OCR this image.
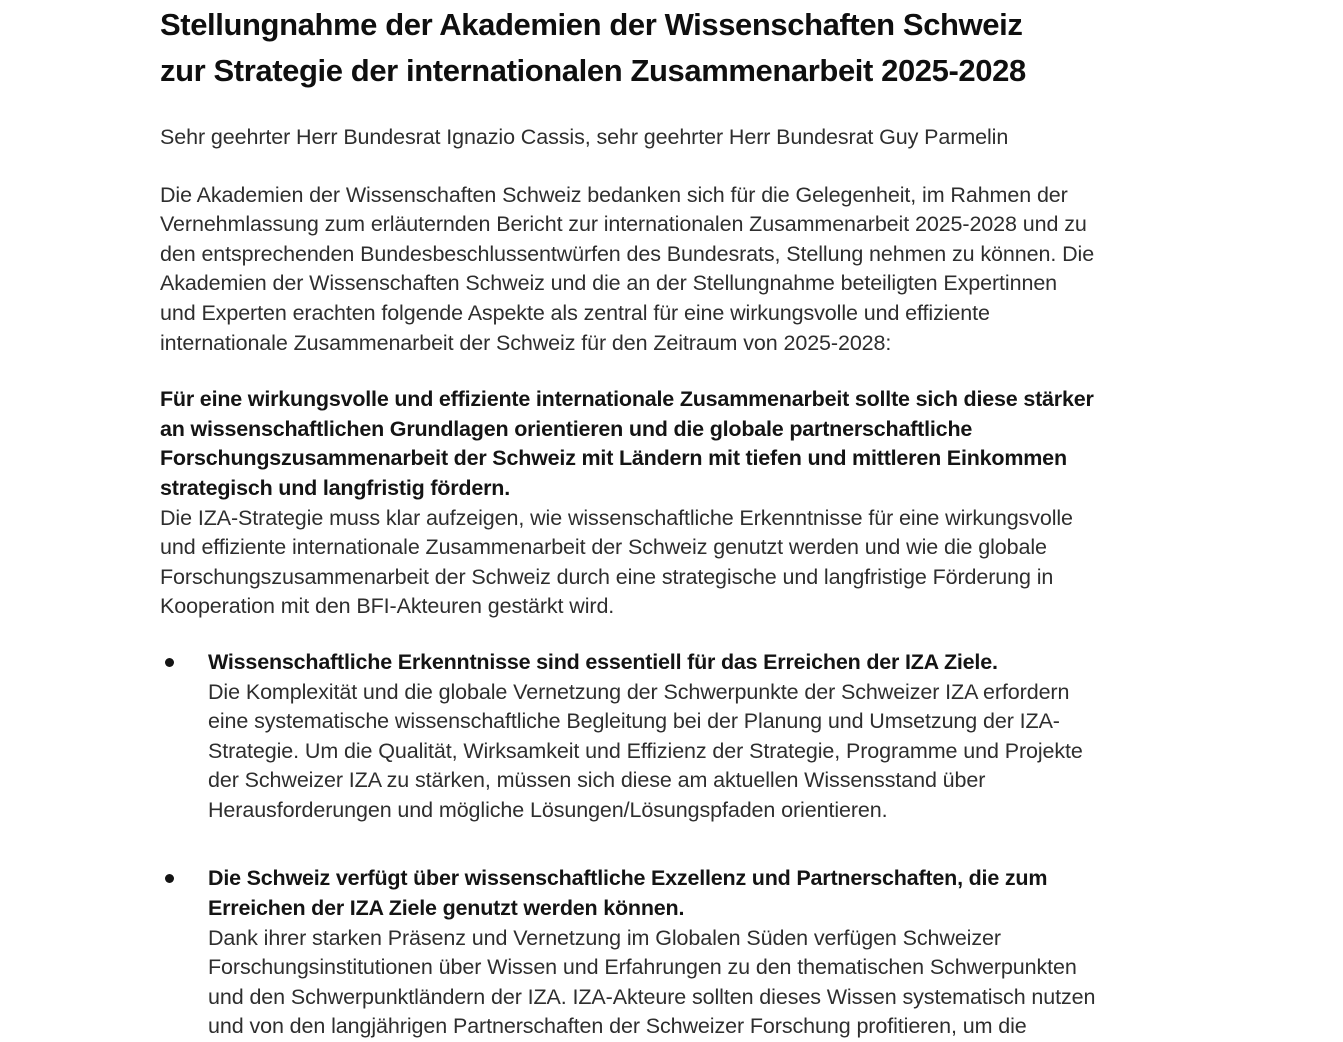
Stellungnahme der Akademien der Wissenschaften Schweiz
zur Strategie der internationalen Zusammenarbeit 2025-2028
Sehr geehrter Herr Bundesrat Ignazio Cassis, sehr geehrter Herr Bundesrat Guy Parmelin
Die Akademien der Wissenschaften Schweiz bedanken sich für die Gelegenheit, im Rahmen der
Vernehmlassung zum erläuternden Bericht zur internationalen Zusammenarbeit 2025-2028 und zu
den entsprechenden Bundesbeschlussentwürfen des Bundesrats, Stellung nehmen zu können. Die
Akademien der Wissenschaften Schweiz und die an der Stellungnahme beteiligten Expertinnen
und Experten erachten folgende Aspekte als zentral für eine wirkungsvolle und effiziente
internationale Zusammenarbeit der Schweiz für den Zeitraum von 2025-2028:
Für eine wirkungsvolle und effiziente internationale Zusammenarbeit sollte sich diese stärker
an wissenschaftlichen Grundlagen orientieren und die globale partnerschaftliche
Forschungszusammenarbeit der Schweiz mit Ländern mit tiefen und mittleren Einkommen
strategisch und langfristig fördern.
Die IZA-Strategie muss klar aufzeigen, wie wissenschaftliche Erkenntnisse für eine wirkungsvolle
und effiziente internationale Zusammenarbeit der Schweiz genutzt werden und wie die globale
Forschungszusammenarbeit der Schweiz durch eine strategische und langfristige Förderung in
Kooperation mit den BFI-Akteuren gestärkt wird.
Wissenschaftliche Erkenntnisse sind essentiell für das Erreichen der IZA Ziele.
Die Komplexität und die globale Vernetzung der Schwerpunkte der Schweizer IZA erfordern
eine systematische wissenschaftliche Begleitung bei der Planung und Umsetzung der IZA-
Strategie. Um die Qualität, Wirksamkeit und Effizienz der Strategie, Programme und Projekte
der Schweizer IZA zu stärken, müssen sich diese am aktuellen Wissensstand über
Herausforderungen und mögliche Lösungen/Lösungspfaden orientieren.
Die Schweiz verfügt über wissenschaftliche Exzellenz und Partnerschaften, die zum
Erreichen der IZA Ziele genutzt werden können.
Dank ihrer starken Präsenz und Vernetzung im Globalen Süden verfügen Schweizer
Forschungsinstitutionen über Wissen und Erfahrungen zu den thematischen Schwerpunkten
und den Schwerpunktländern der IZA. IZA-Akteure sollten dieses Wissen systematisch nutzen
und von den langjährigen Partnerschaften der Schweizer Forschung profitieren, um die
